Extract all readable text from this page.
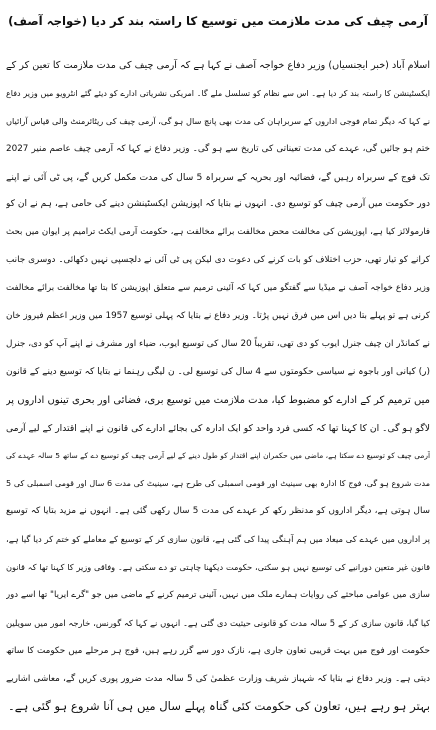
آرمی چیف کی مدت ملازمت میں توسیع کا راستہ بند کر دیا (خواجہ آصف)
اسلام آباد (خبر ایجنسیاں) وزیر دفاع خواجہ آصف نے کہا ہے کہ آرمی چیف کی مدت ملازمت کا تعین کر کے
ایکسٹینشن کا راستہ بند کر دیا ہے۔ اس سے نظام کو تسلسل ملے گا۔ امریکی نشریاتی ادارے کو دیئے گئے انٹرویو میں وزیر دفاع
نے کہا کہ دیگر تمام فوجی اداروں کے سربراہان کی مدت بھی پانچ سال ہو گی، آرمی چیف کی ریٹائرمنٹ والی قیاس آرائیاں
ختم ہو جائیں گی، عہدے کی مدت تعیناتی کی تاریخ سے ہو گی۔ وزیر دفاع نے کہا کہ آرمی چیف عاصم منیر 2027
تک فوج کے سربراہ رہیں گے، فضائیہ اور بحریہ کے سربراہ 5 سال کی مدت مکمل کریں گے، پی ٹی آئی نے اپنے
دور حکومت میں آرمی چیف کو توسیع دی۔ انہوں نے بتایا کہ اپوزیشن ایکسٹینشن دینے کی حامی ہے، ہم نے ان کو
فارمولائز کیا ہے، اپوزیشن کی مخالفت محض مخالفت برائے مخالفت ہے، حکومت آرمی ایکٹ ترامیم پر ایوان میں بحث
کرانے کو تیار تھی، حزب اختلاف کو بات کرنے کی دعوت دی لیکن پی ٹی آئی نے دلچسپی نہیں دکھائی۔ دوسری جانب
وزیر دفاع خواجہ آصف نے میڈیا سے گفتگو میں کہا کہ آئینی ترمیم سے متعلق اپوزیشن کا بتا تھا مخالفت برائے مخالفت
کرنی ہے تو پہلے بتا دیں اس میں فرق نہیں پڑتا۔ وزیر دفاع نے بتایا کہ پہلی توسیع 1957 میں وزیر اعظم فیروز خان
نے کمانڈر ان چیف جنرل ایوب کو دی تھی، تقریباً 20 سال کی توسیع ایوب، ضیاء اور مشرف نے اپنے آپ کو دی، جنرل
(ر) کیانی اور باجوہ نے سیاسی حکومتوں سے 4 سال کی توسیع لی۔ ن لیگی رہنما نے بتایا کہ توسیع دینے کے قانون
میں ترمیم کر کے ادارے کو مضبوط کیا، مدت ملازمت میں توسیع بری، فضائی اور بحری تینوں اداروں پر
لاگو ہو گی۔ ان کا کہنا تھا کہ کسی فرد واحد کو ایک ادارہ کی بجائے ادارے کی قانون نے اپنے اقتدار کے لیے آرمی
آرمی چیف کو توسیع دے سکتا ہے، ماضی میں حکمران اپنے اقتدار کو طول دینے کے لیے آرمی چیف کو توسیع دے کے ساتھ 5 سالہ عہدے کی
مدت شروع ہو گی، فوج کا ادارہ بھی سینیٹ اور قومی اسمبلی کی طرح ہے، سینیٹ کی مدت 6 سال اور قومی اسمبلی کی 5
سال ہوتی ہے، دیگر اداروں کو مدنظر رکھ کر عہدے کی مدت 5 سال رکھی گئی ہے۔ انہوں نے مزید بتایا کہ توسیع
پر اداروں میں عہدے کی میعاد میں ہم آہنگی پیدا کی گئی ہے، قانون سازی کر کے توسیع کے معاملے کو ختم کر دیا گیا ہے،
قانون غیر متعین دورانیے کی توسیع نہیں ہو سکتی، حکومت دیکھنا چاہتی تو دے سکتی ہے۔ وفاقی وزیر کا کہنا تھا کہ قانون
سازی میں عوامی مباحثے کی روایات ہمارے ملک میں نہیں، آئینی ترمیم کرنے کے ماضی میں جو "گرے ایریا" تھا اسے دور
کیا گیا، قانون سازی کر کے 5 سالہ مدت کو قانونی حیثیت دی گئی ہے۔ انہوں نے کہا کہ گورنس، خارجہ امور میں سویلین
حکومت اور فوج میں بہت قریبی تعاون جاری ہے، نازک دور سے گزر رہے ہیں، فوج ہر مرحلے میں حکومت کا ساتھ
دیتی ہے۔ وزیر دفاع نے بتایا کہ شہباز شریف وزارت عظمیٰ کی 5 سالہ مدت ضرور پوری کریں گے، معاشی اشاریے
بہتر ہو رہے ہیں، تعاون کی حکومت کئی گناہ پہلے سال میں ہی آنا شروع ہو گئی ہے۔
